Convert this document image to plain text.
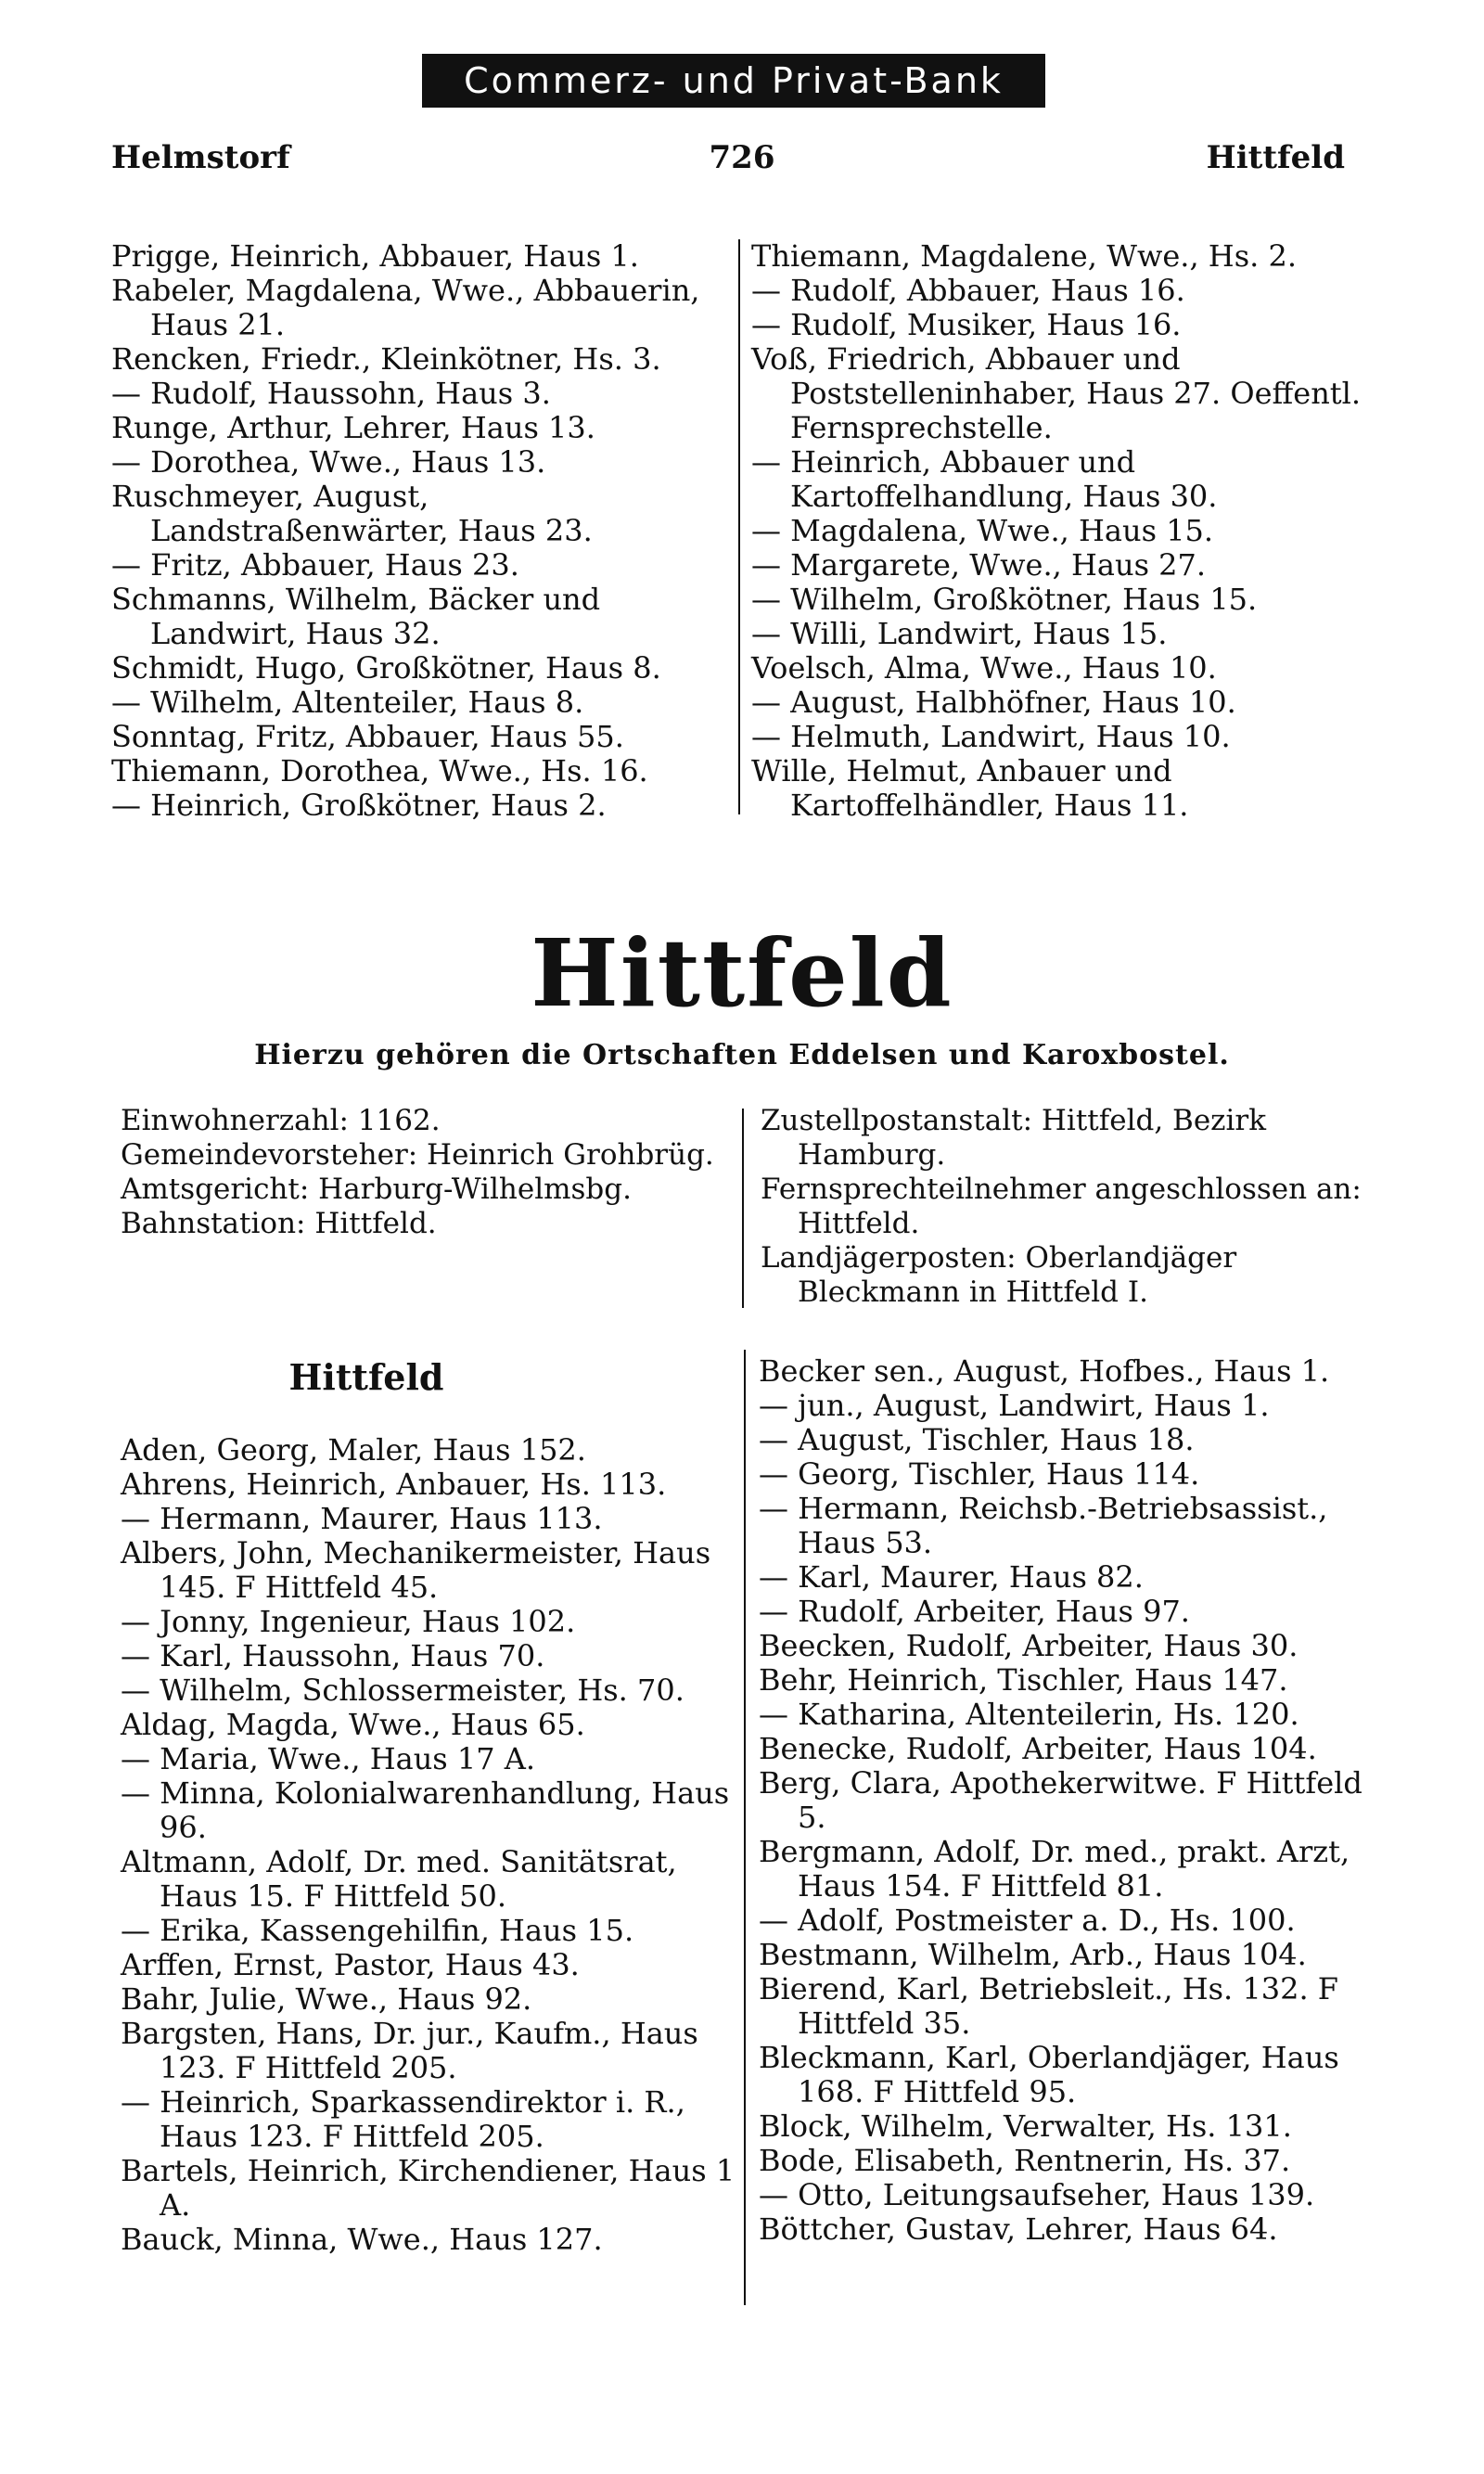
Commerz- und Privat-Bank
726
Helmstorf	Hittfeld
Prigge, Heinrich, Abbauer, Haus 1.
Rabeler, Magdalena, Wwe., Abbauerin, Haus 21.
Rencken, Friedr., Kleinkötner, Hs. 3.
— Rudolf, Haussohn, Haus 3.
Runge, Arthur, Lehrer, Haus 13.
— Dorothea, Wwe., Haus 13.
Ruschmeyer, August, Landstraßenwärter, Haus 23.
— Fritz, Abbauer, Haus 23.
Schmanns, Wilhelm, Bäcker und Landwirt, Haus 32.
Schmidt, Hugo, Großkötner, Haus 8.
— Wilhelm, Altenteiler, Haus 8.
Sonntag, Fritz, Abbauer, Haus 55.
Thiemann, Dorothea, Wwe., Hs. 16.
— Heinrich, Großkötner, Haus 2.
Thiemann, Magdalene, Wwe., Hs. 2.
— Rudolf, Abbauer, Haus 16.
— Rudolf, Musiker, Haus 16.
Voß, Friedrich, Abbauer und Poststelleninhaber, Haus 27. Oeffentl. Fernsprechstelle.
— Heinrich, Abbauer und Kartoffelhandlung, Haus 30.
— Magdalena, Wwe., Haus 15.
— Margarete, Wwe., Haus 27.
— Wilhelm, Großkötner, Haus 15.
— Willi, Landwirt, Haus 15.
Voelsch, Alma, Wwe., Haus 10.
— August, Halbhöfner, Haus 10.
— Helmuth, Landwirt, Haus 10.
Wille, Helmut, Anbauer und Kartoffelhändler, Haus 11.
Hittfeld
Hierzu gehören die Ortschaften Eddelsen und Karoxbostel.
Einwohnerzahl: 1162.
Gemeindevorsteher: Heinrich Grohbrüg.
Amtsgericht: Harburg-Wilhelmsbg.
Bahnstation: Hittfeld.
Zustellpostanstalt: Hittfeld, Bezirk Hamburg.
Fernsprechteilnehmer angeschlossen an: Hittfeld.
Landjägerposten: Oberlandjäger Bleckmann in Hittfeld I.
Hittfeld
Aden, Georg, Maler, Haus 152.
Ahrens, Heinrich, Anbauer, Hs. 113.
— Hermann, Maurer, Haus 113.
Albers, John, Mechanikermeister, Haus 145. F Hittfeld 45.
— Jonny, Ingenieur, Haus 102.
— Karl, Haussohn, Haus 70.
— Wilhelm, Schlossermeister, Hs. 70.
Aldag, Magda, Wwe., Haus 65.
— Maria, Wwe., Haus 17 A.
— Minna, Kolonialwarenhandlung, Haus 96.
Altmann, Adolf, Dr. med. Sanitätsrat, Haus 15. F Hittfeld 50.
— Erika, Kassengehilfin, Haus 15.
Arffen, Ernst, Pastor, Haus 43.
Bahr, Julie, Wwe., Haus 92.
Bargsten, Hans, Dr. jur., Kaufm., Haus 123. F Hittfeld 205.
— Heinrich, Sparkassendirektor i. R., Haus 123. F Hittfeld 205.
Bartels, Heinrich, Kirchendiener, Haus 1 A.
Bauck, Minna, Wwe., Haus 127.
Becker sen., August, Hofbes., Haus 1.
— jun., August, Landwirt, Haus 1.
— August, Tischler, Haus 18.
— Georg, Tischler, Haus 114.
— Hermann, Reichsb.-Betriebsassist., Haus 53.
— Karl, Maurer, Haus 82.
— Rudolf, Arbeiter, Haus 97.
Beecken, Rudolf, Arbeiter, Haus 30.
Behr, Heinrich, Tischler, Haus 147.
— Katharina, Altenteilerin, Hs. 120.
Benecke, Rudolf, Arbeiter, Haus 104.
Berg, Clara, Apothekerwitwe. F Hittfeld 5.
Bergmann, Adolf, Dr. med., prakt. Arzt, Haus 154. F Hittfeld 81.
— Adolf, Postmeister a. D., Hs. 100.
Bestmann, Wilhelm, Arb., Haus 104.
Bierend, Karl, Betriebsleit., Hs. 132. F Hittfeld 35.
Bleckmann, Karl, Oberlandjäger, Haus 168. F Hittfeld 95.
Block, Wilhelm, Verwalter, Hs. 131.
Bode, Elisabeth, Rentnerin, Hs. 37.
— Otto, Leitungsaufseher, Haus 139.
Böttcher, Gustav, Lehrer, Haus 64.
